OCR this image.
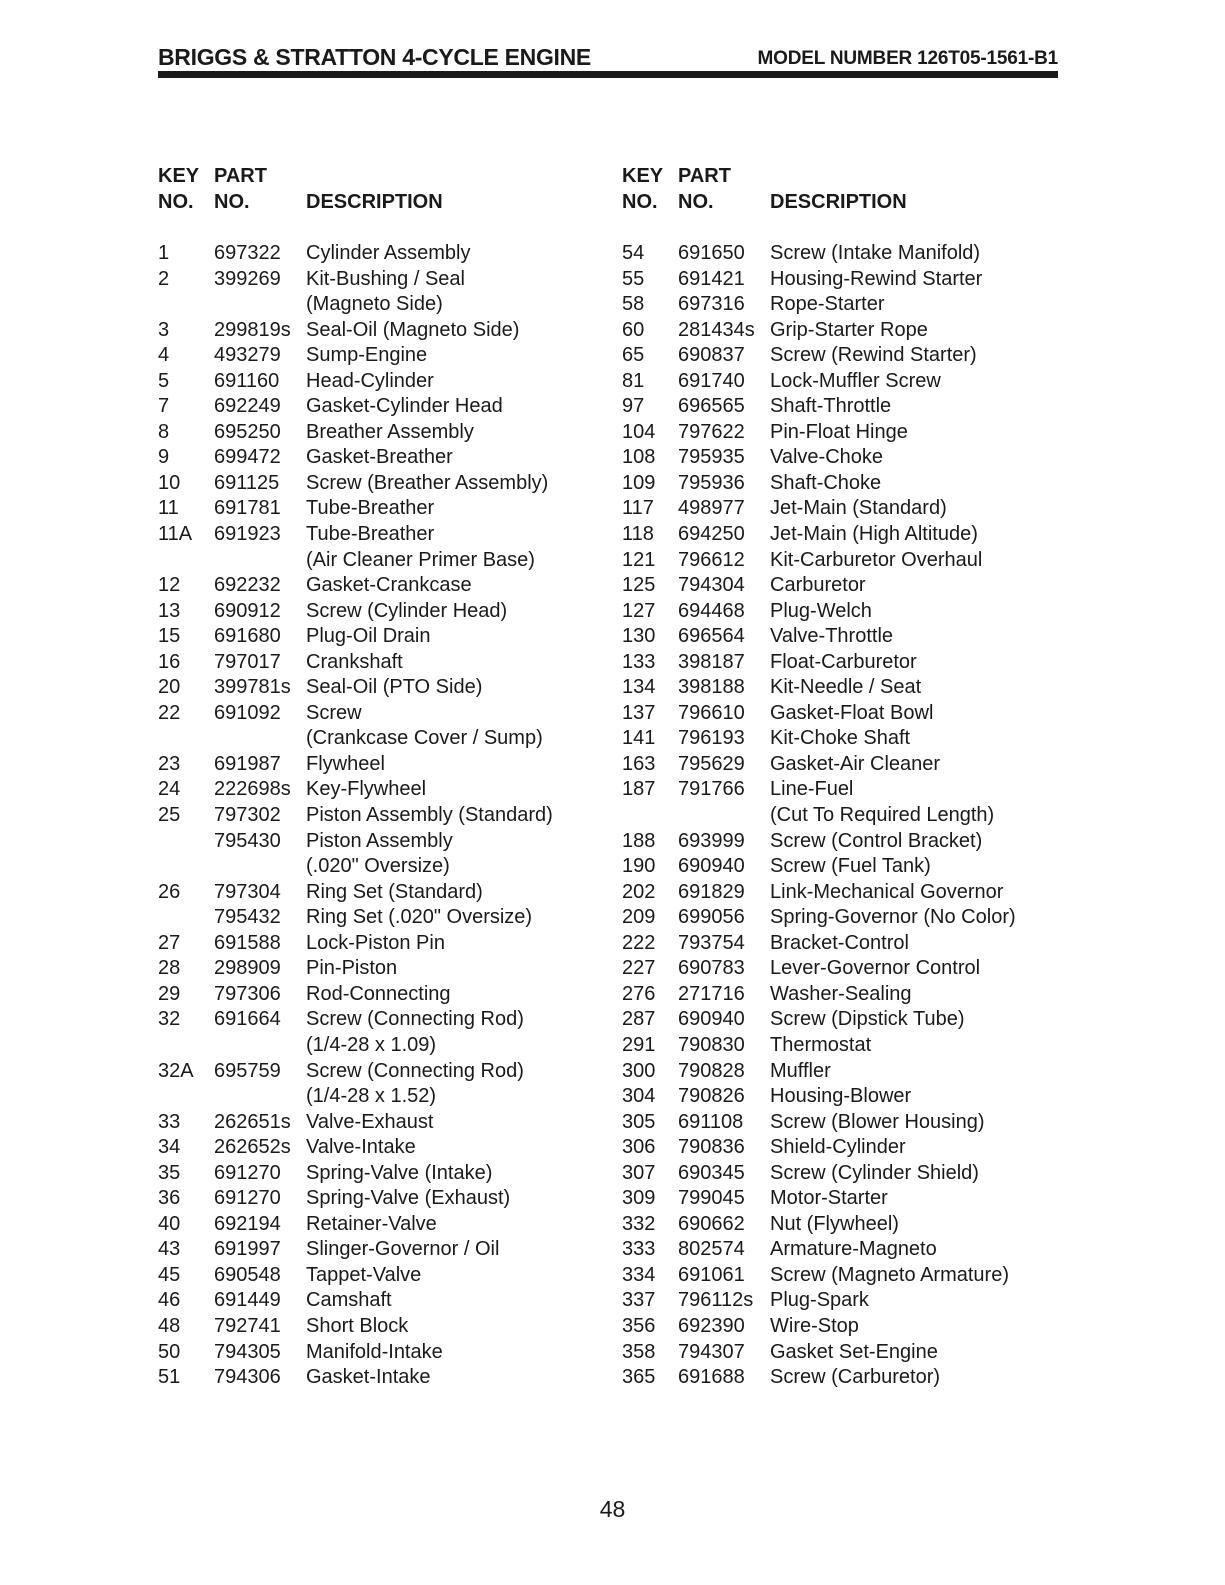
BRIGGS & STRATTON 4-CYCLE ENGINE	MODEL NUMBER 126T05-1561-B1
KEY
NO.
PART
NO.	DESCRIPTION
1 697322 Cylinder Assembly
2 399269 Kit-Bushing / Seal
(Magneto Side)
3 299819s Seal-Oil (Magneto Side)
4 493279 Sump-Engine
5 691160 Head-Cylinder
7 692249 Gasket-Cylinder Head
8 695250 Breather Assembly
9 699472 Gasket-Breather
10 691125 Screw (Breather Assembly)
11 691781 Tube-Breather
11A 691923 Tube-Breather
(Air Cleaner Primer Base)
12 692232 Gasket-Crankcase
13 690912 Screw (Cylinder Head)
15 691680 Plug-Oil Drain
16 797017 Crankshaft
20 399781s Seal-Oil (PTO Side)
22 691092 Screw
(Crankcase Cover / Sump)
23 691987 Flywheel
24 222698s Key-Flywheel
25 797302 Piston Assembly (Standard)
795430 Piston Assembly
(.020" Oversize)
26 797304 Ring Set (Standard)
795432 Ring Set (.020" Oversize)
27 691588 Lock-Piston Pin
28 298909 Pin-Piston
29 797306 Rod-Connecting
32 691664 Screw (Connecting Rod)
(1/4-28 x 1.09)
32A 695759 Screw (Connecting Rod)
(1/4-28 x 1.52)
33 262651s Valve-Exhaust
34 262652s Valve-Intake
35 691270 Spring-Valve (Intake)
36 691270 Spring-Valve (Exhaust)
40 692194 Retainer-Valve
43 691997 Slinger-Governor / Oil
45 690548 Tappet-Valve
46 691449 Camshaft
48 792741 Short Block
50 794305 Manifold-Intake
51 794306 Gasket-Intake
KEY
NO.
PART
NO.	DESCRIPTION
54 691650 Screw (Intake Manifold)
55 691421 Housing-Rewind Starter
58 697316 Rope-Starter
60 281434s Grip-Starter Rope
65 690837 Screw (Rewind Starter)
81 691740 Lock-Muffler Screw
97 696565 Shaft-Throttle
104 797622 Pin-Float Hinge
108 795935 Valve-Choke
109 795936 Shaft-Choke
117 498977 Jet-Main (Standard)
118 694250 Jet-Main (High Altitude)
121 796612 Kit-Carburetor Overhaul
125 794304 Carburetor
127 694468 Plug-Welch
130 696564 Valve-Throttle
133 398187 Float-Carburetor
134 398188 Kit-Needle / Seat
137 796610 Gasket-Float Bowl
141 796193 Kit-Choke Shaft
163 795629 Gasket-Air Cleaner
187 791766 Line-Fuel
(Cut To Required Length)
188 693999 Screw (Control Bracket)
190 690940 Screw (Fuel Tank)
202 691829 Link-Mechanical Governor
209 699056 Spring-Governor (No Color)
222 793754 Bracket-Control
227 690783 Lever-Governor Control
276 271716 Washer-Sealing
287 690940 Screw (Dipstick Tube)
291 790830 Thermostat
300 790828 Muffler
304 790826 Housing-Blower
305 691108 Screw (Blower Housing)
306 790836 Shield-Cylinder
307 690345 Screw (Cylinder Shield)
309 799045 Motor-Starter
332 690662 Nut (Flywheel)
333 802574 Armature-Magneto
334 691061 Screw (Magneto Armature)
337 796112s Plug-Spark
356 692390 Wire-Stop
358 794307 Gasket Set-Engine
365 691688 Screw (Carburetor)
48
